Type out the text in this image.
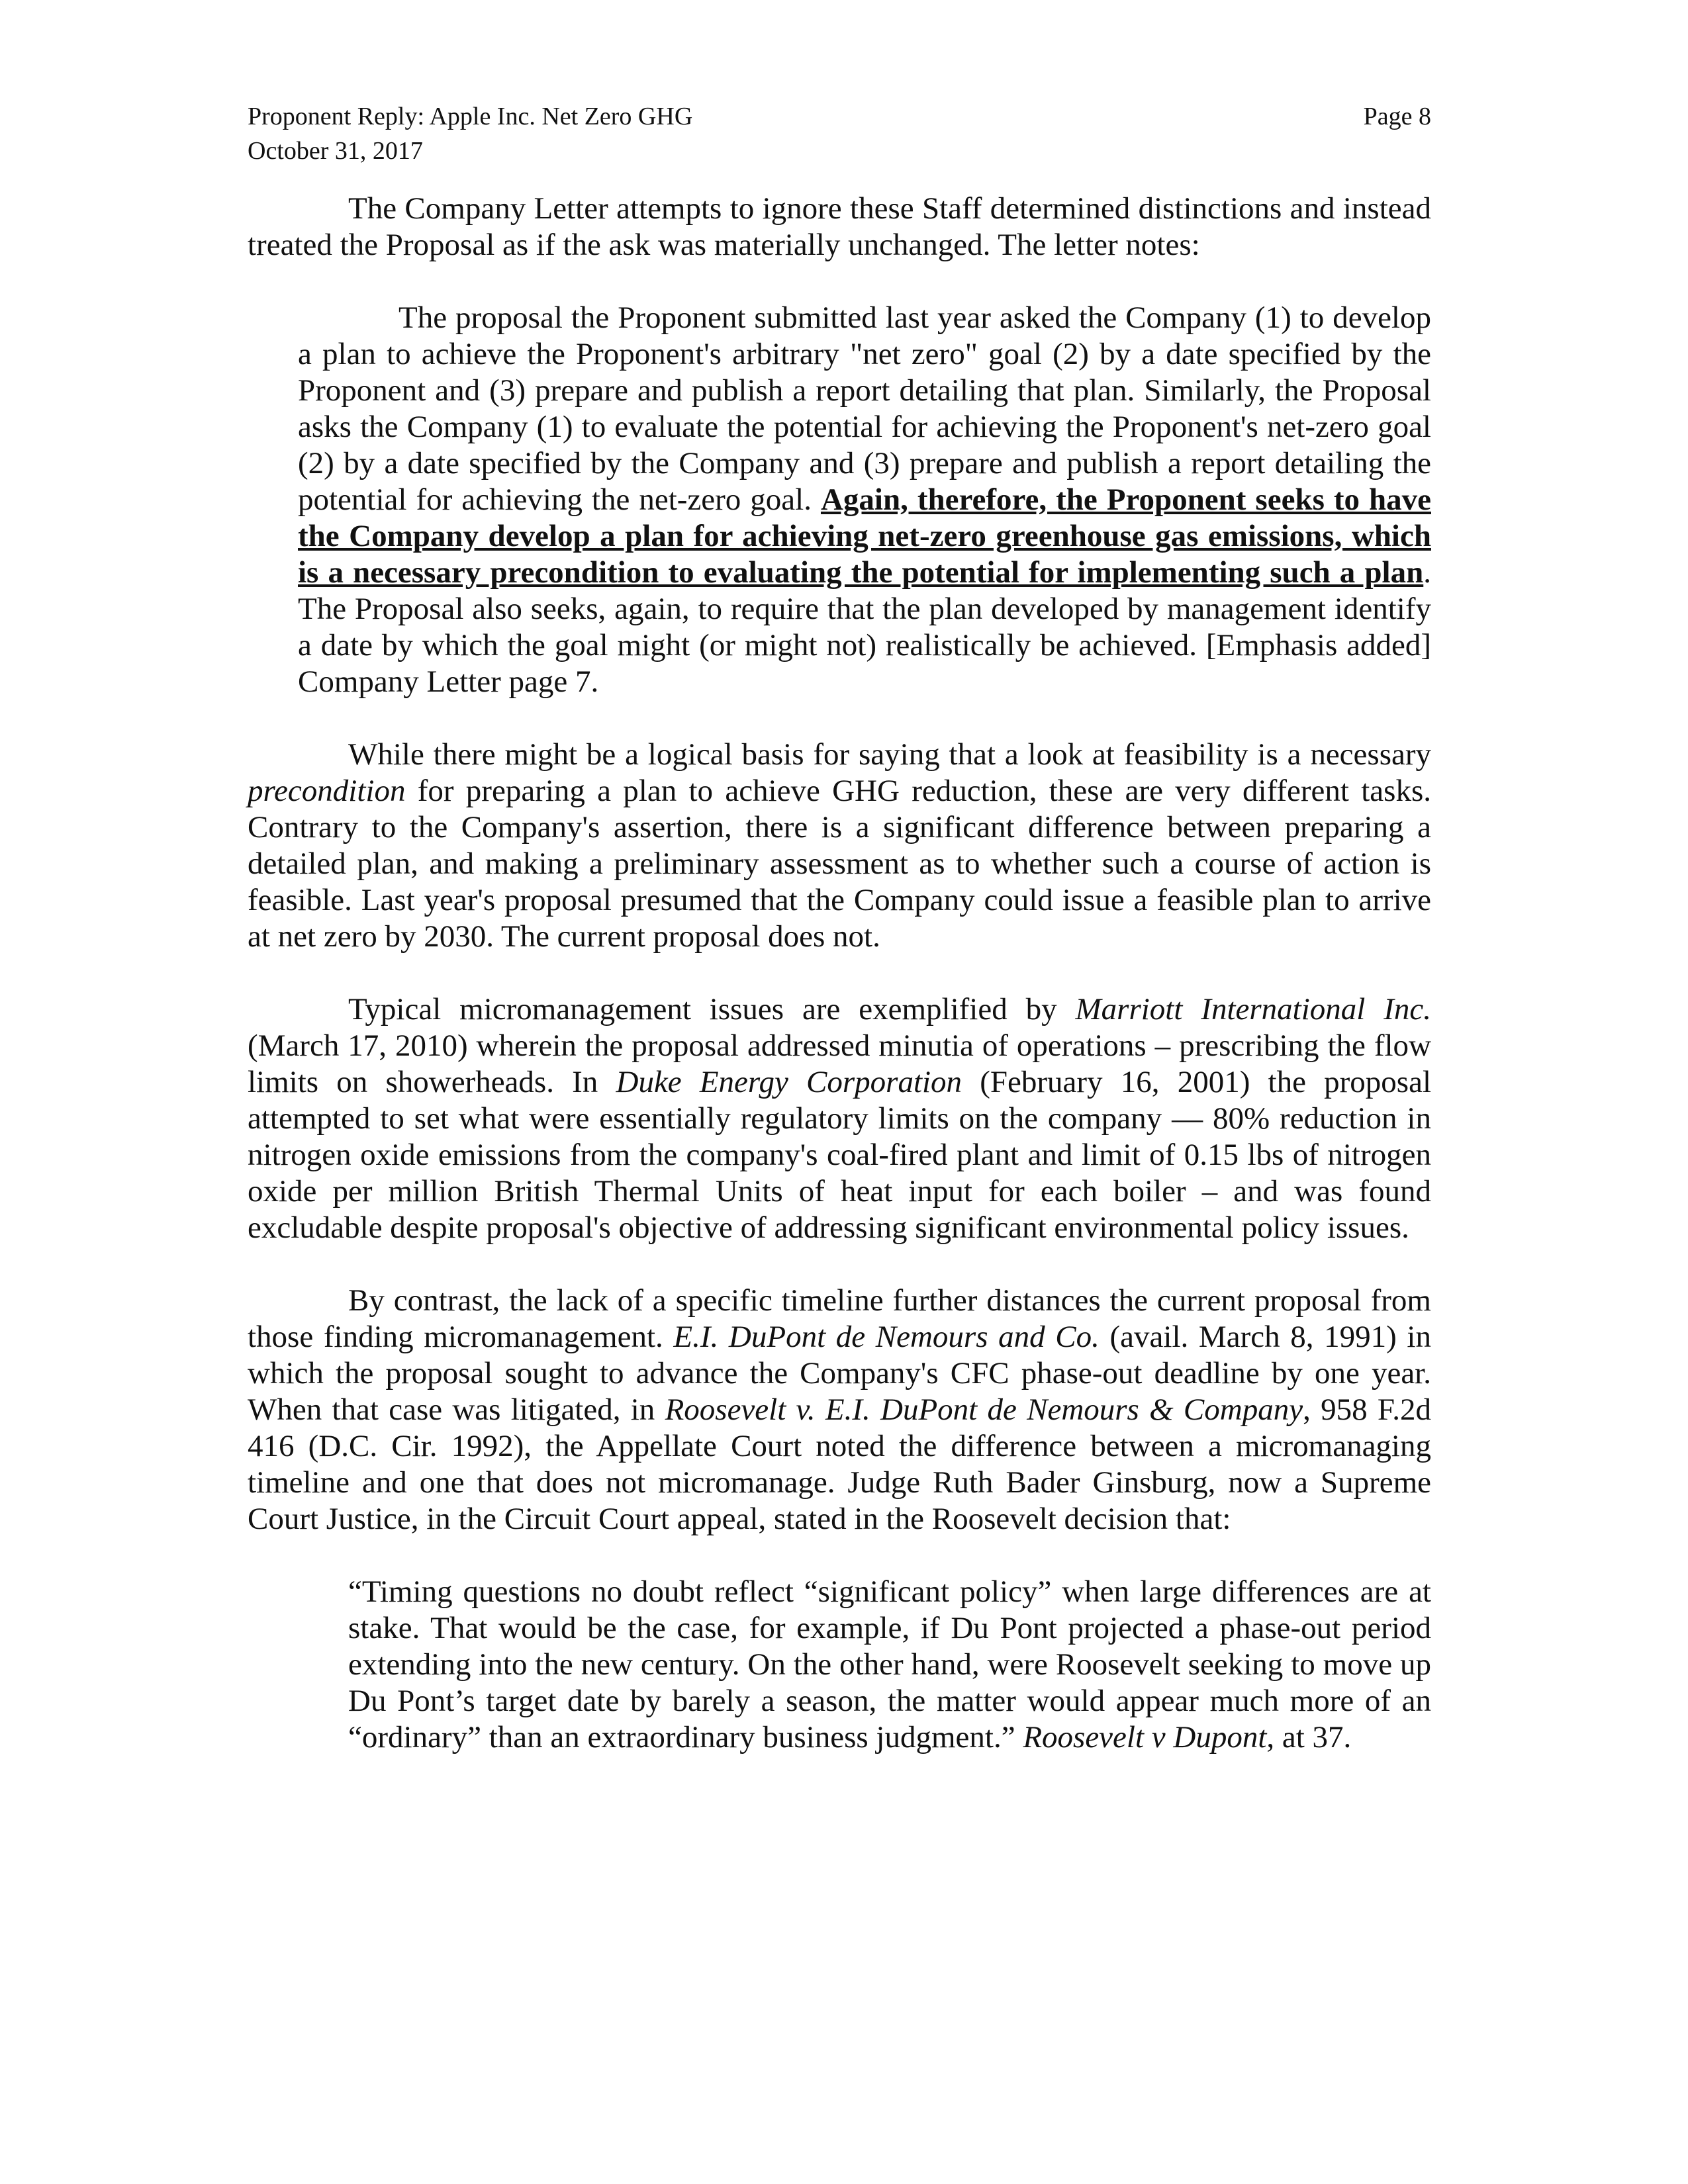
Proponent Reply: Apple Inc. Net Zero GHG	Page 8
October 31, 2017

The Company Letter attempts to ignore these Staff determined distinctions and instead treated the Proposal as if the ask was materially unchanged. The letter notes:

The proposal the Proponent submitted last year asked the Company (1) to develop a plan to achieve the Proponent's arbitrary "net zero" goal (2) by a date specified by the Proponent and (3) prepare and publish a report detailing that plan. Similarly, the Proposal asks the Company (1) to evaluate the potential for achieving the Proponent's net-zero goal (2) by a date specified by the Company and (3) prepare and publish a report detailing the potential for achieving the net-zero goal. Again, therefore, the Proponent seeks to have the Company develop a plan for achieving net-zero greenhouse gas emissions, which is a necessary precondition to evaluating the potential for implementing such a plan. The Proposal also seeks, again, to require that the plan developed by management identify a date by which the goal might (or might not) realistically be achieved. [Emphasis added] Company Letter page 7.

While there might be a logical basis for saying that a look at feasibility is a necessary precondition for preparing a plan to achieve GHG reduction, these are very different tasks. Contrary to the Company's assertion, there is a significant difference between preparing a detailed plan, and making a preliminary assessment as to whether such a course of action is feasible. Last year's proposal presumed that the Company could issue a feasible plan to arrive at net zero by 2030. The current proposal does not.

Typical micromanagement issues are exemplified by Marriott International Inc. (March 17, 2010) wherein the proposal addressed minutia of operations – prescribing the flow limits on showerheads. In Duke Energy Corporation (February 16, 2001) the proposal attempted to set what were essentially regulatory limits on the company — 80% reduction in nitrogen oxide emissions from the company's coal-fired plant and limit of 0.15 lbs of nitrogen oxide per million British Thermal Units of heat input for each boiler – and was found excludable despite proposal's objective of addressing significant environmental policy issues.

By contrast, the lack of a specific timeline further distances the current proposal from those finding micromanagement. E.I. DuPont de Nemours and Co. (avail. March 8, 1991) in which the proposal sought to advance the Company's CFC phase-out deadline by one year. When that case was litigated, in Roosevelt v. E.I. DuPont de Nemours & Company, 958 F.2d 416 (D.C. Cir. 1992), the Appellate Court noted the difference between a micromanaging timeline and one that does not micromanage. Judge Ruth Bader Ginsburg, now a Supreme Court Justice, in the Circuit Court appeal, stated in the Roosevelt decision that:

“Timing questions no doubt reflect “significant policy” when large differences are at stake. That would be the case, for example, if Du Pont projected a phase-out period extending into the new century. On the other hand, were Roosevelt seeking to move up Du Pont’s target date by barely a season, the matter would appear much more of an “ordinary” than an extraordinary business judgment.” Roosevelt v Dupont, at 37.
